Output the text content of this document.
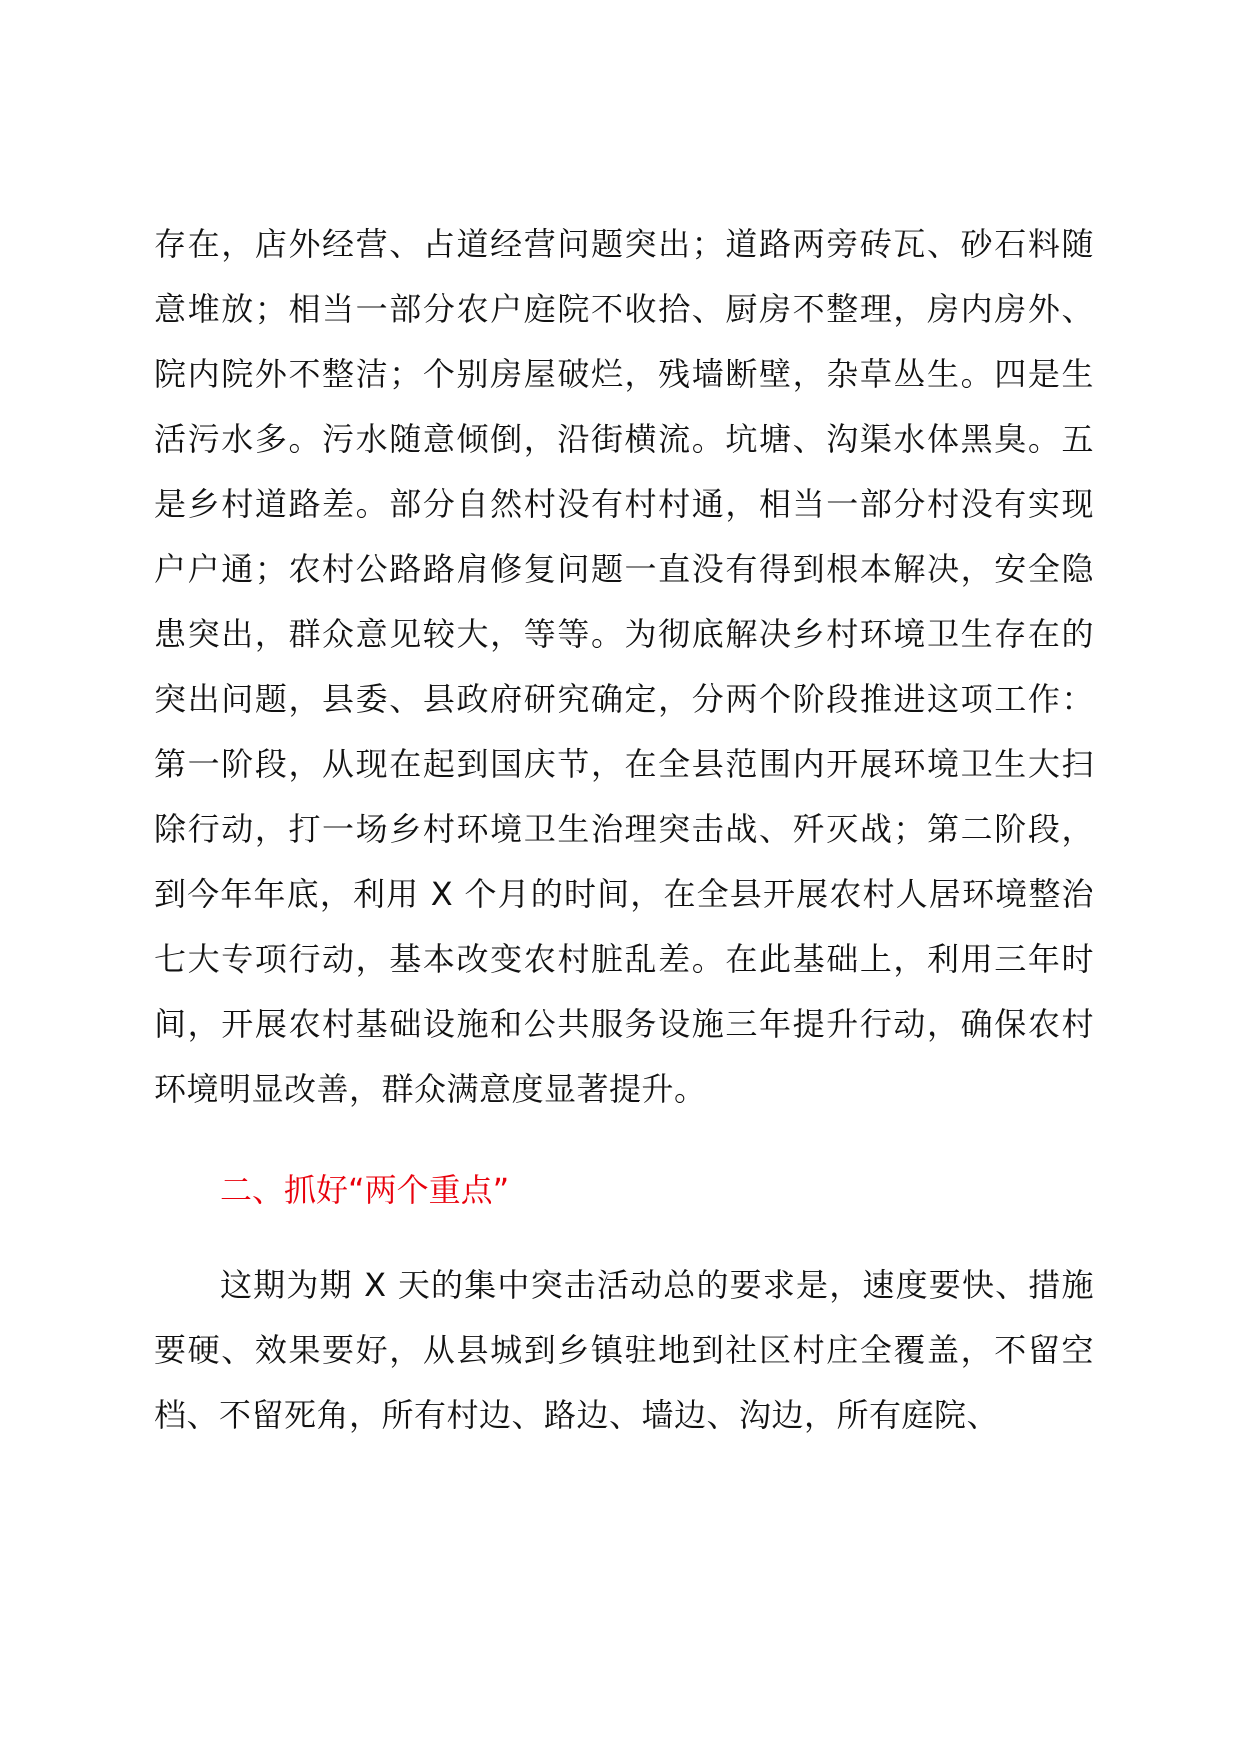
存在，店外经营、占道经营问题突出；道路两旁砖瓦、砂石料随意堆放；相当一部分农户庭院不收拾、厨房不整理，房内房外、院内院外不整洁；个别房屋破烂，残墙断壁，杂草丛生。四是生活污水多。污水随意倾倒，沿街横流。坑塘、沟渠水体黑臭。五是乡村道路差。部分自然村没有村村通，相当一部分村没有实现户户通；农村公路路肩修复问题一直没有得到根本解决，安全隐患突出，群众意见较大，等等。为彻底解决乡村环境卫生存在的突出问题，县委、县政府研究确定，分两个阶段推进这项工作：第一阶段，从现在起到国庆节，在全县范围内开展环境卫生大扫除行动，打一场乡村环境卫生治理突击战、歼灭战；第二阶段，到今年年底，利用 X 个月的时间，在全县开展农村人居环境整治七大专项行动，基本改变农村脏乱差。在此基础上，利用三年时间，开展农村基础设施和公共服务设施三年提升行动，确保农村环境明显改善，群众满意度显著提升。

二、抓好“两个重点”

这期为期 X 天的集中突击活动总的要求是，速度要快、措施要硬、效果要好，从县城到乡镇驻地到社区村庄全覆盖，不留空档、不留死角，所有村边、路边、墙边、沟边，所有庭院、
